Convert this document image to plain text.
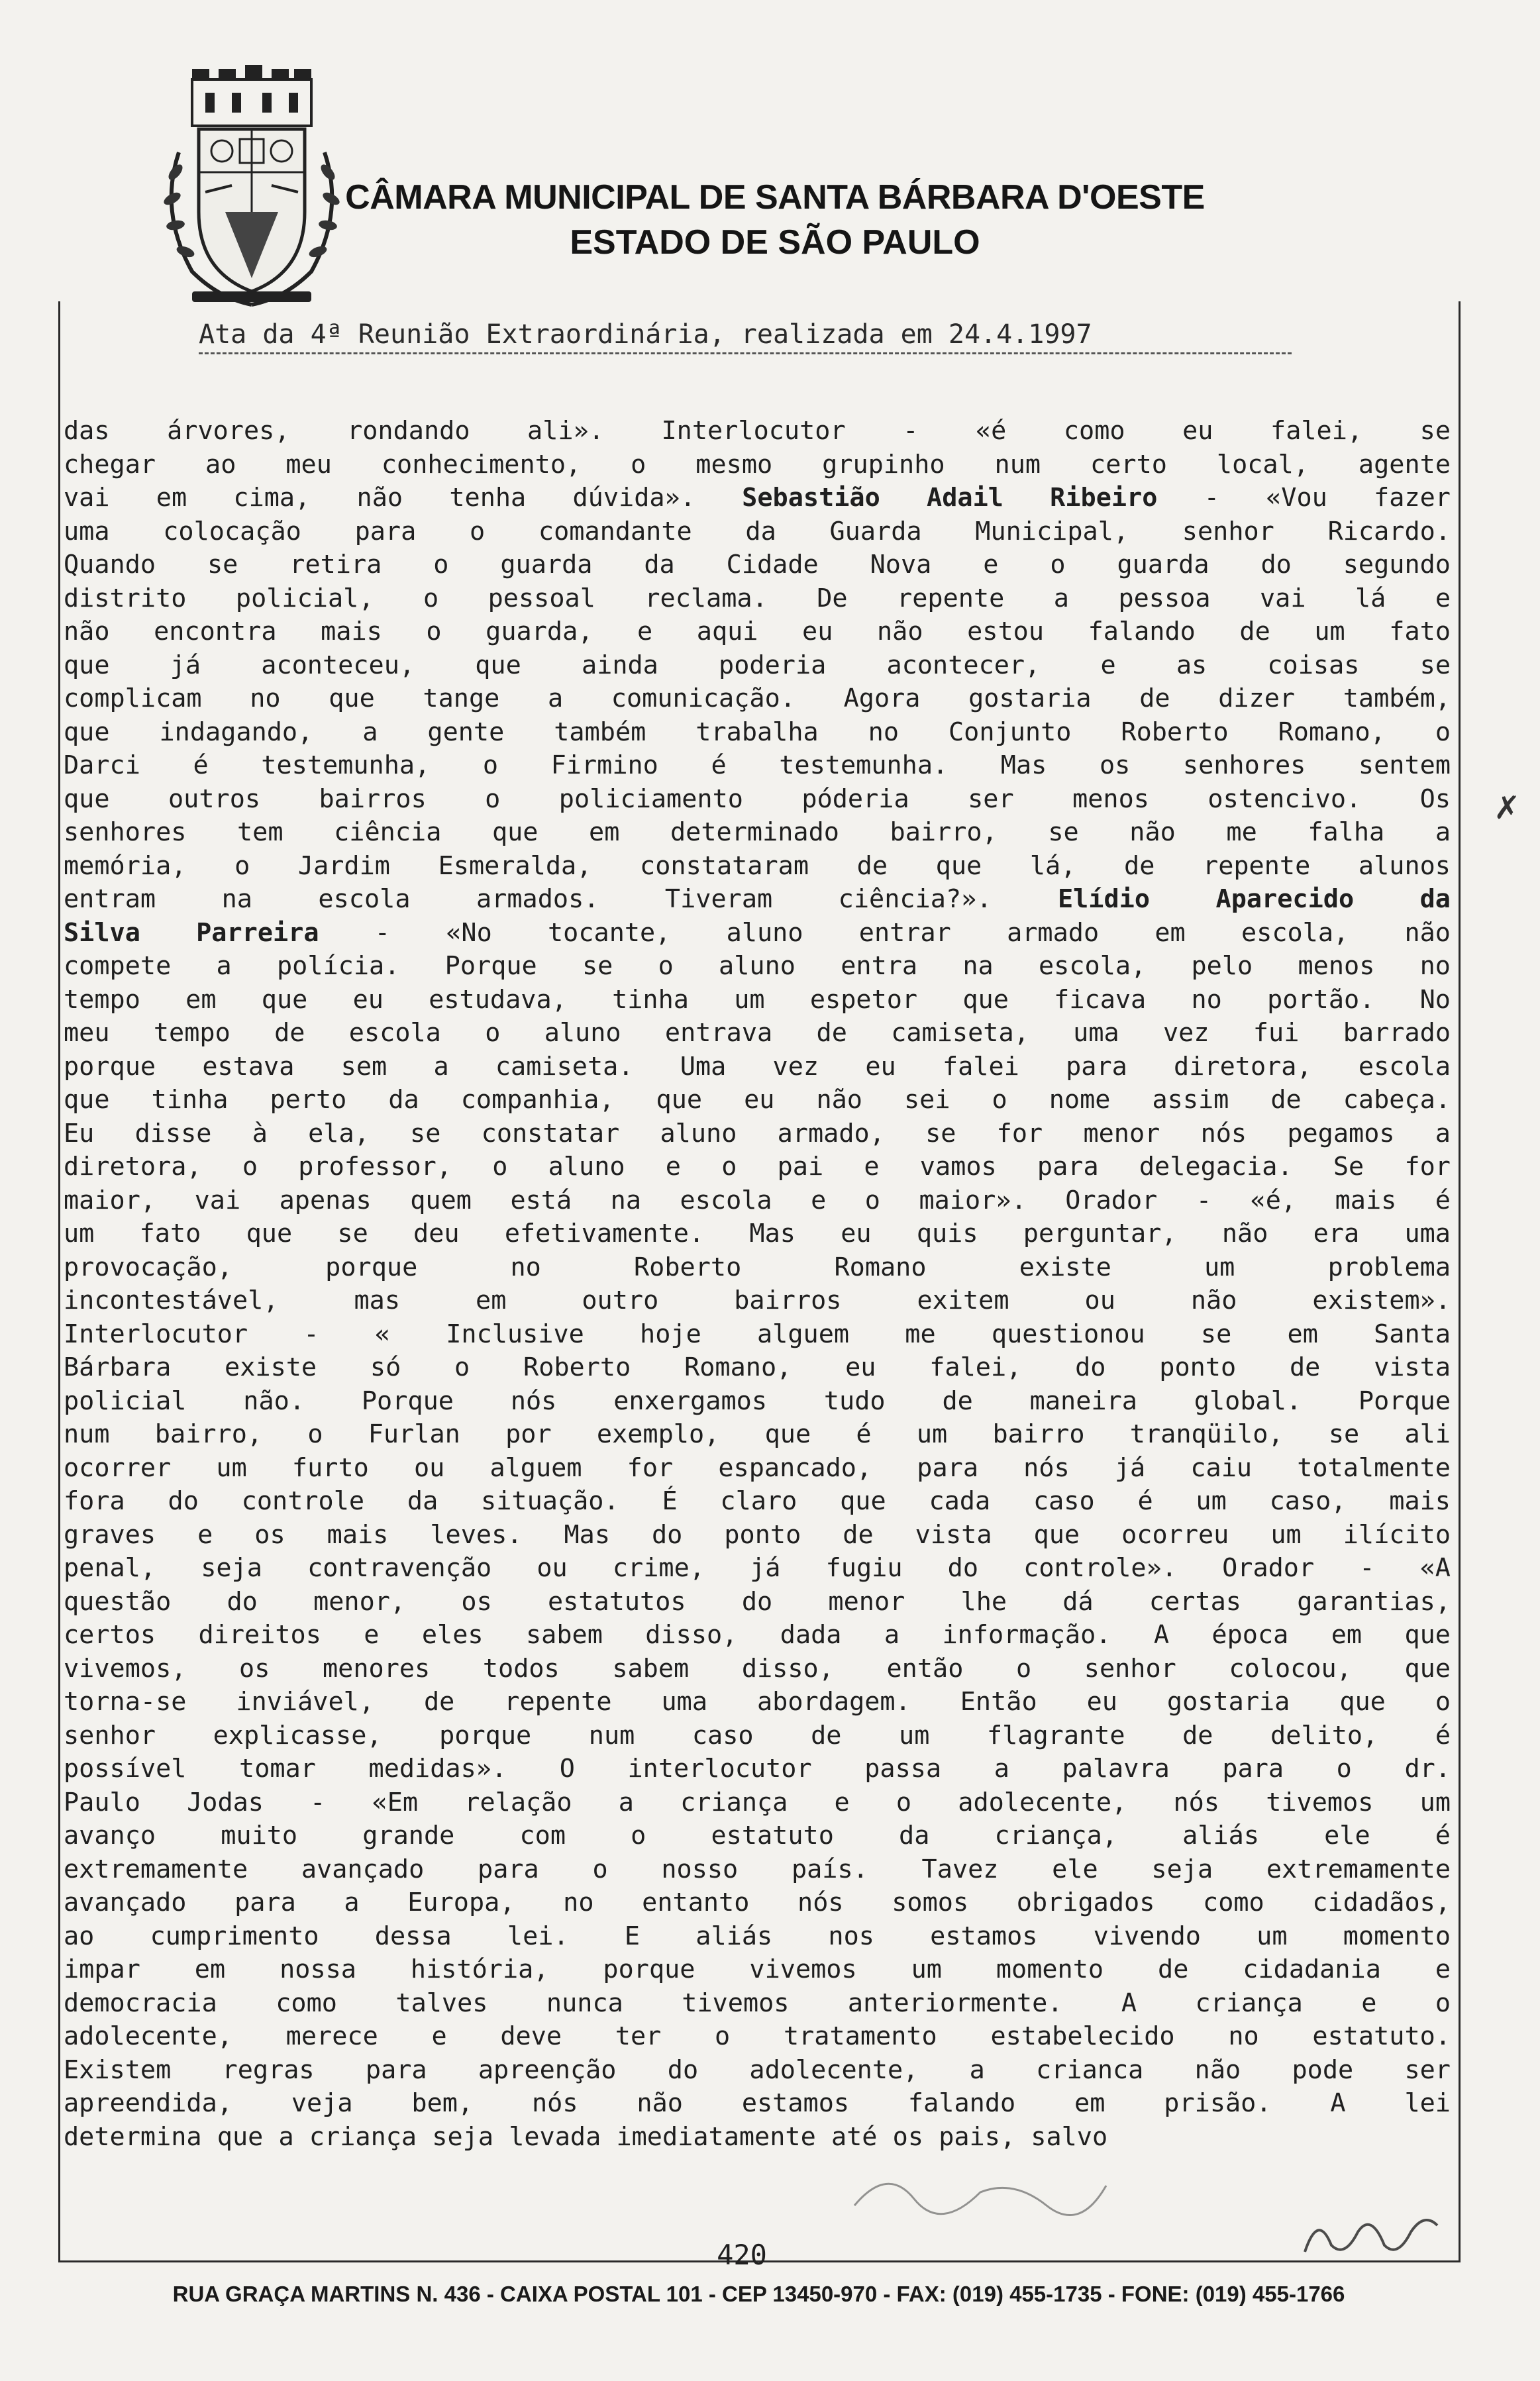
CÂMARA MUNICIPAL DE SANTA BÁRBARA D'OESTE
ESTADO DE SÃO PAULO
Ata da 4ª Reunião Extraordinária, realizada em 24.4.1997
das árvores, rondando ali». Interlocutor - «é como eu falei, se
chegar ao meu conhecimento, o mesmo grupinho num certo local, agente
vai em cima, não tenha dúvida». Sebastião Adail Ribeiro - «Vou fazer
uma colocação para o comandante da Guarda Municipal, senhor Ricardo.
Quando se retira o guarda da Cidade Nova e o guarda do segundo
distrito policial, o pessoal reclama. De repente a pessoa vai lá e
não encontra mais o guarda, e aqui eu não estou falando de um fato
que já aconteceu, que ainda poderia acontecer, e as coisas se
complicam no que tange a comunicação. Agora gostaria de dizer também,
que indagando, a gente também trabalha no Conjunto Roberto Romano, o
Darci é testemunha, o Firmino é testemunha. Mas os senhores sentem
que outros bairros o policiamento póderia ser menos ostencivo. Os
senhores tem ciência que em determinado bairro, se não me falha a
memória, o Jardim Esmeralda, constataram de que lá, de repente alunos
entram na escola armados. Tiveram ciência?». Elídio Aparecido da
Silva Parreira - «No tocante, aluno entrar armado em escola, não
compete a polícia. Porque se o aluno entra na escola, pelo menos no
tempo em que eu estudava, tinha um espetor que ficava no portão. No
meu tempo de escola o aluno entrava de camiseta, uma vez fui barrado
porque estava sem a camiseta. Uma vez eu falei para diretora, escola
que tinha perto da companhia, que eu não sei o nome assim de cabeça.
Eu disse à ela, se constatar aluno armado, se for menor nós pegamos a
diretora, o professor, o aluno e o pai e vamos para delegacia. Se for
maior, vai apenas quem está na escola e o maior». Orador - «é, mais é
um fato que se deu efetivamente. Mas eu quis perguntar, não era uma
provocação, porque no Roberto Romano existe um problema
incontestável, mas em outro bairros exitem ou não existem».
Interlocutor - « Inclusive hoje alguem me questionou se em Santa
Bárbara existe só o Roberto Romano, eu falei, do ponto de vista
policial não. Porque nós enxergamos tudo de maneira global. Porque
num bairro, o Furlan por exemplo, que é um bairro tranqüilo, se ali
ocorrer um furto ou alguem for espancado, para nós já caiu totalmente
fora do controle da situação. É claro que cada caso é um caso, mais
graves e os mais leves. Mas do ponto de vista que ocorreu um ilícito
penal, seja contravenção ou crime, já fugiu do controle». Orador - «A
questão do menor, os estatutos do menor lhe dá certas garantias,
certos direitos e eles sabem disso, dada a informação. A época em que
vivemos, os menores todos sabem disso, então o senhor colocou, que
torna-se inviável, de repente uma abordagem. Então eu gostaria que o
senhor explicasse, porque num caso de um flagrante de delito, é
possível tomar medidas». O interlocutor passa a palavra para o dr.
Paulo Jodas - «Em relação a criança e o adolecente, nós tivemos um
avanço muito grande com o estatuto da criança, aliás ele é
extremamente avançado para o nosso país. Tavez ele seja extremamente
avançado para a Europa, no entanto nós somos obrigados como cidadãos,
ao cumprimento dessa lei. E aliás nos estamos vivendo um momento
impar em nossa história, porque vivemos um momento de cidadania e
democracia como talves nunca tivemos anteriormente. A criança e o
adolecente, merece e deve ter o tratamento estabelecido no estatuto.
Existem regras para apreenção do adolecente, a crianca não pode ser
apreendida, veja bem, nós não estamos falando em prisão. A lei
determina que a criança seja levada imediatamente até os pais, salvo
✗
420
RUA GRAÇA MARTINS N. 436 - CAIXA POSTAL 101 - CEP 13450-970 - FAX: (019) 455-1735 - FONE: (019) 455-1766
